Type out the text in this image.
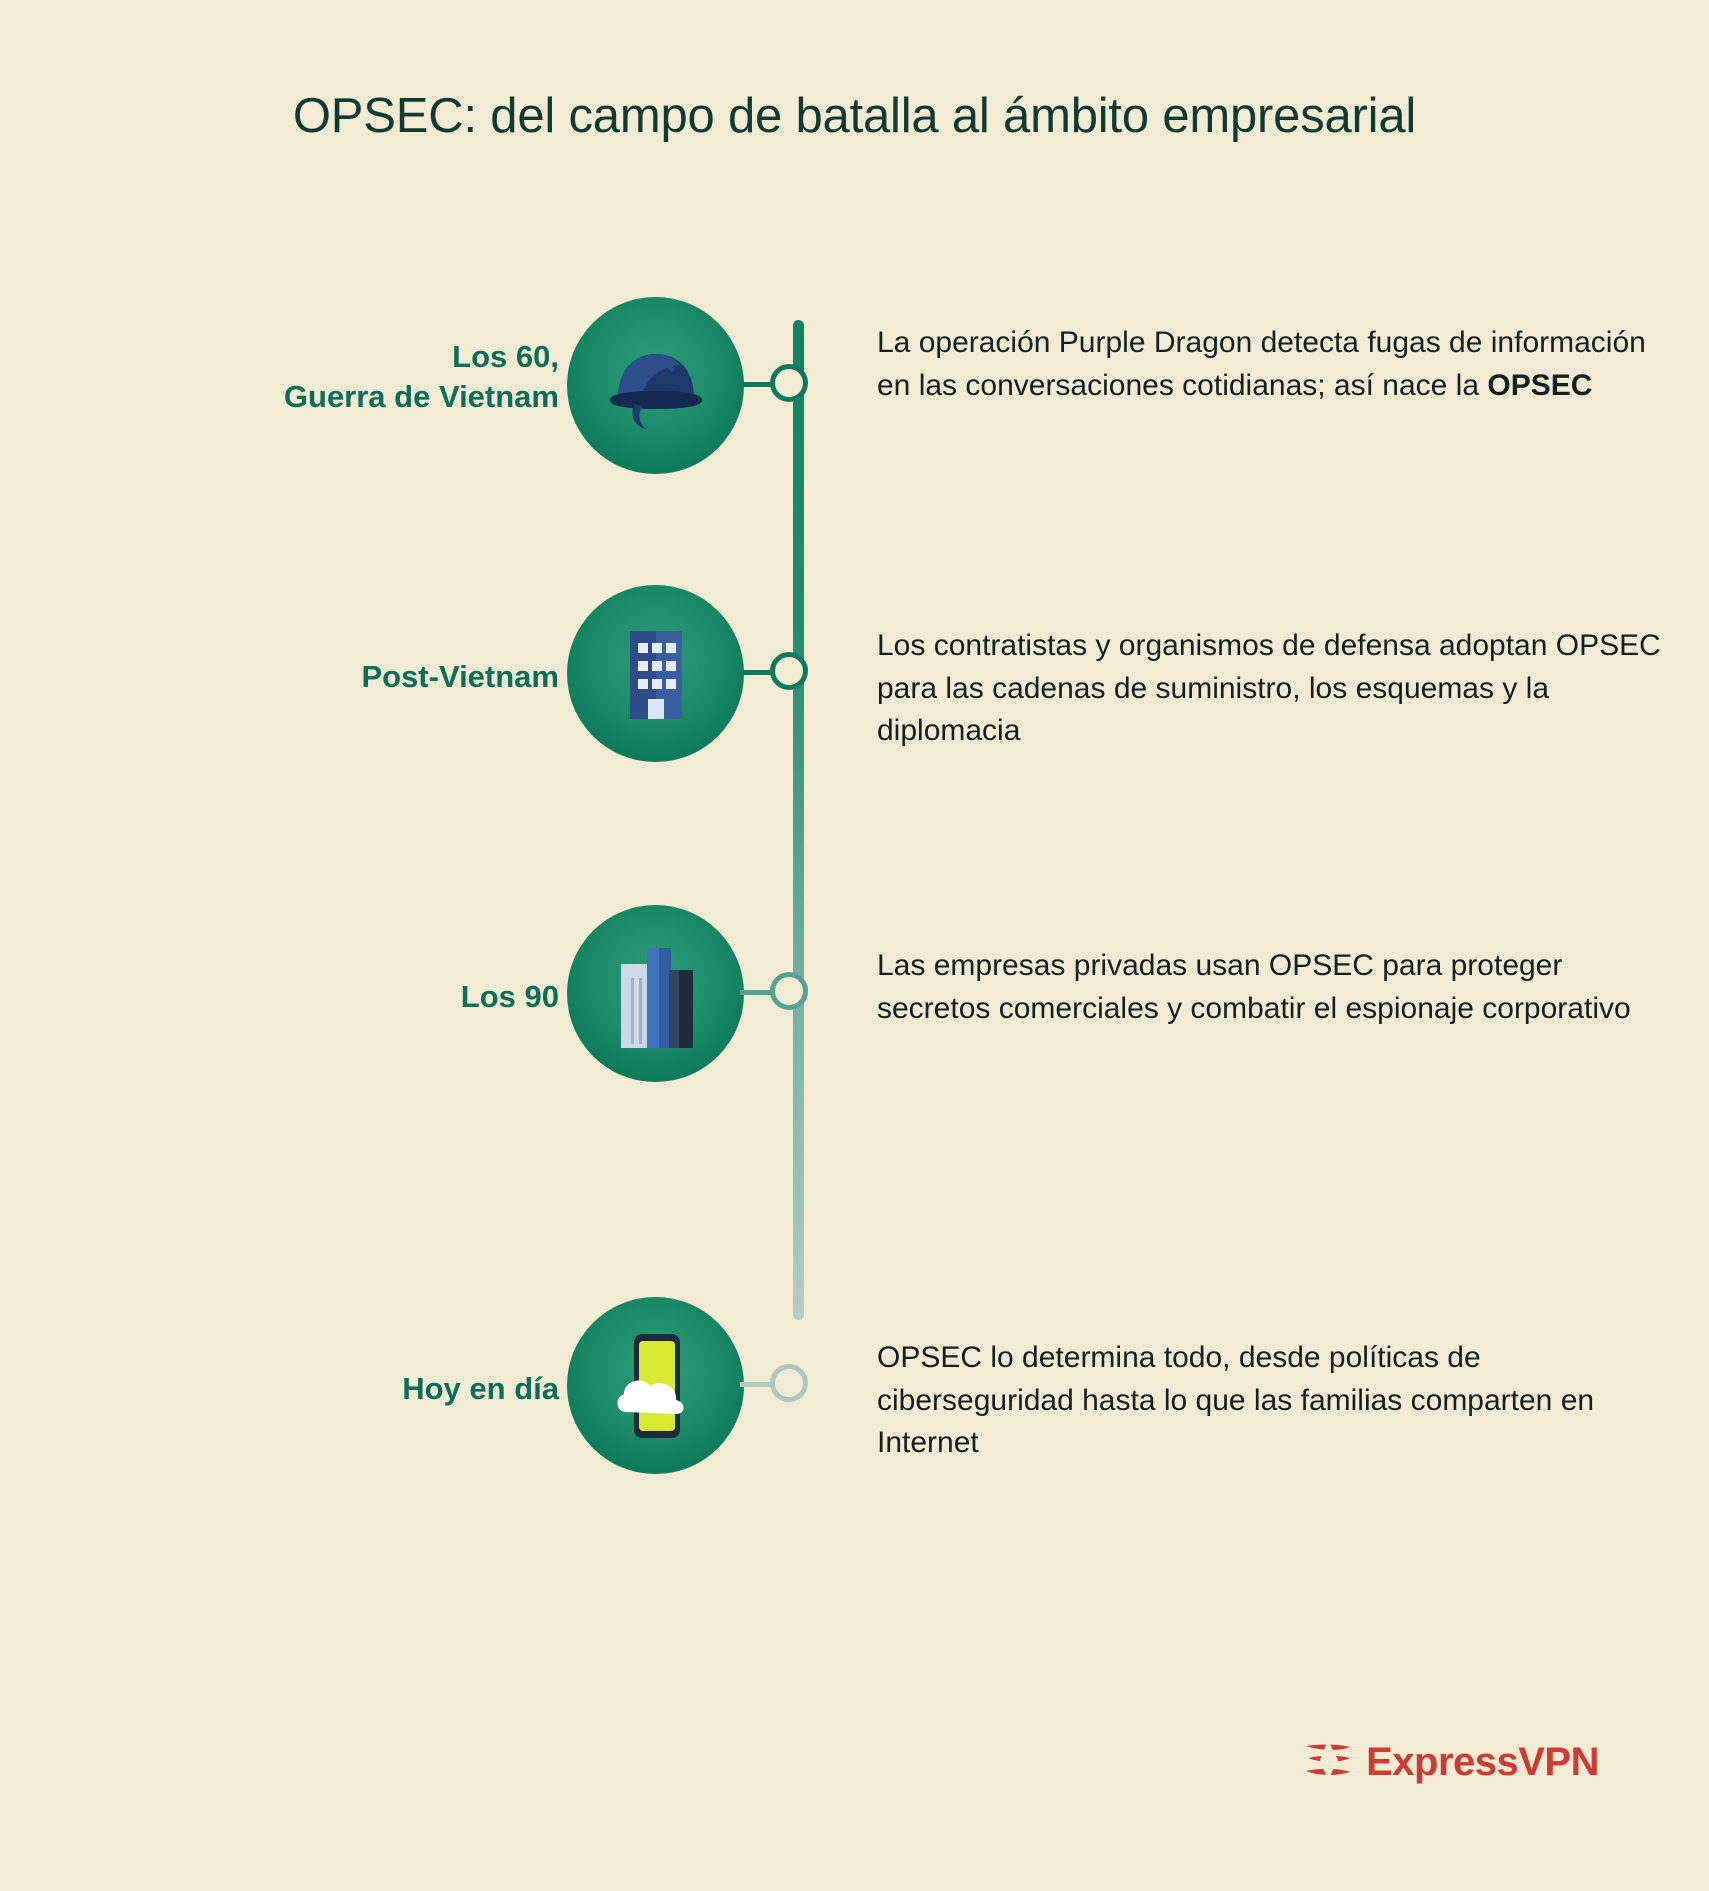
OPSEC: del campo de batalla al ámbito empresarial
Los 60,
Guerra de Vietnam
La operación Purple Dragon detecta fugas de información en las conversaciones cotidianas; así nace la OPSEC
Post-Vietnam
Los contratistas y organismos de defensa adoptan OPSEC para las cadenas de suministro, los esquemas y la diplomacia
Los 90
Las empresas privadas usan OPSEC para proteger secretos comerciales y combatir el espionaje corporativo
Hoy en día
OPSEC lo determina todo, desde políticas de ciberseguridad hasta lo que las familias comparten en Internet
ExpressVPN
